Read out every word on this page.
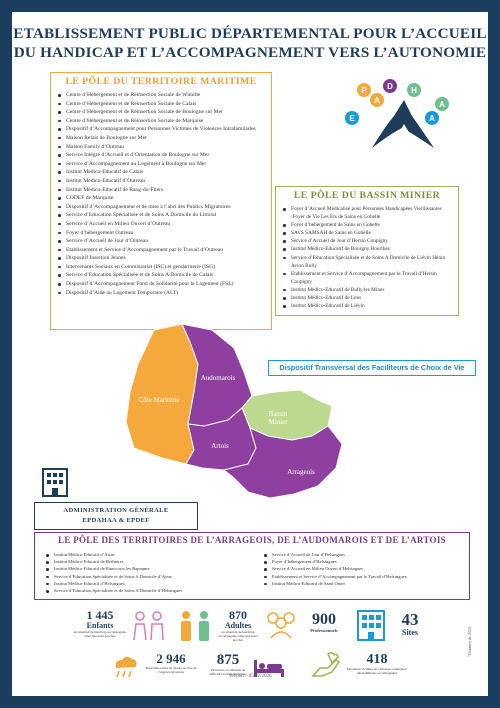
ETABLISSEMENT PUBLIC DÉPARTEMENTAL POUR L’ACCUEIL
DU HANDICAP ET L’ACCOMPAGNEMENT VERS L’AUTONOMIE
LE PÔLE DU TERRITOIRE MARITIME
Centre d’Hébergement et de Réinsertion Sociale de Wimille
Centre d’Hébergement et de Réinsertion Sociale de Calais
Centre d’Hébergement et de Réinsertion Sociale de Boulogne sur Mer
Centre d’Hébergement et de Réinsertion Sociale de Marquise
Dispositif d’Accompagnement pour Personnes Victimes de Violences Intrafamiliales
Maison Relais de Boulogne sur Mer
Maison Family d’Outreau
Service Intégré d’Accueil et d’Orientation de Boulogne sur Mer
Service d’Accompagnement au Logement à Boulogne sur Mer
Institut Médico-Educatif de Calais
Institut Médico-Educatif d’Outreau
Institut Médico-Educatif de Rang-du-Fliers
CODEF de Marquise
Dispositif d’Accompagnement et de mise à l’abri des Publics Migratoires
Service d’Education Spécialisée et de Soins A Domicile du Littoral
Service d’Accueil en Milieu Ouvert d’Outreau
Foyer d’hébergement Outreau
Service d’Accueil de Jour d’Outreau
Etablissement et Service d’Accompagnement par le Travail d’Outreau
Dispositif Insertion Jeunes
Intervenants Sociaux en Commissariat (ISC) et gendarmerie (ISG)
Service d’Education Spécialisée et de Soins A Domicile de Calais
Dispositif d’Accompagnement Fond de Solidarité pour le Logement (FSL)
Dispositif d’Aide au Logement Temporaire (ALT)
P
E
D
A
H
A
A
LE PÔLE DU BASSIN MINIER
Foyer d’Accueil Médicalisé pour Personnes Handicapées Vieillissantes /Foyer de Vie Les Ets de Sains en Gohelle
Foyer d’hébergement de Sains en Gohelle
SAVS SAMSAH de Sains en Gohelle
Service d’Accueil de Jour d’Hersin Coupigny
Institut Médico-Educatif de Bourgny Bourlbes
Service d’Education Spécialisée et de Soins A Domicile de Liévin Hénin Avion Bully
Etablissement et Service d’Accompagnement par le Travail d’Hersin Coupigny
Institut Médico-Educatif de Bully les Mines
Institut Médico-Educatif de Lens
Institut Médico-Educatif de Liévin
Côte Maritime
Audomarois
Bassin Minier
Artois
Arrageois
Dispositif Transversal des Faciliteurs de Choix de Vie
ADMINISTRATION GÉNÉRALE
EPDAHAA & EPDEF
LE PÔLE DES TERRITOIRES DE L’ARRAGEOIS, DE L’AUDOMAROIS ET DE L’ARTOIS
Institut Médico-Educatif d’Arras
Institut Médico-Educatif de Bréhières
Institut Médico-Educatif de Ransccurs les Bapaume
Service d’Education Spécialisée et de Soins A Domicile d’Arras
Institut Médico-Educatif d’Helsingues
Service d’Education Spécialisée et de Soins A Domicile d’Helsingues
Service d’Accueil de Jour d’Helsingues
Foyer d’hébergement d’Helsingues
Service d’Accueil en Milieu Ouvert d’Helsingues
Etablissement et Service d’Accompagnement par le Travail d’Helsingues
Institut Médico-Educatif de Saint Omer
1 445
Enfants
en situation de handicap accompagnés, ainsi que leurs proches
870
Adultes
en situation de handicap accompagnés, ainsi que leurs proches
900
Professionnels
43
Sites
2 946
Personnes prises en charge au titre de l’urgence hivernale
875
Personnes en situation de difficulté sociale hébergées
418
Personnes victimes de violences conjugales/ intrafamiliales accompagnées
*Données de 2024
Version – 05/02/2026
